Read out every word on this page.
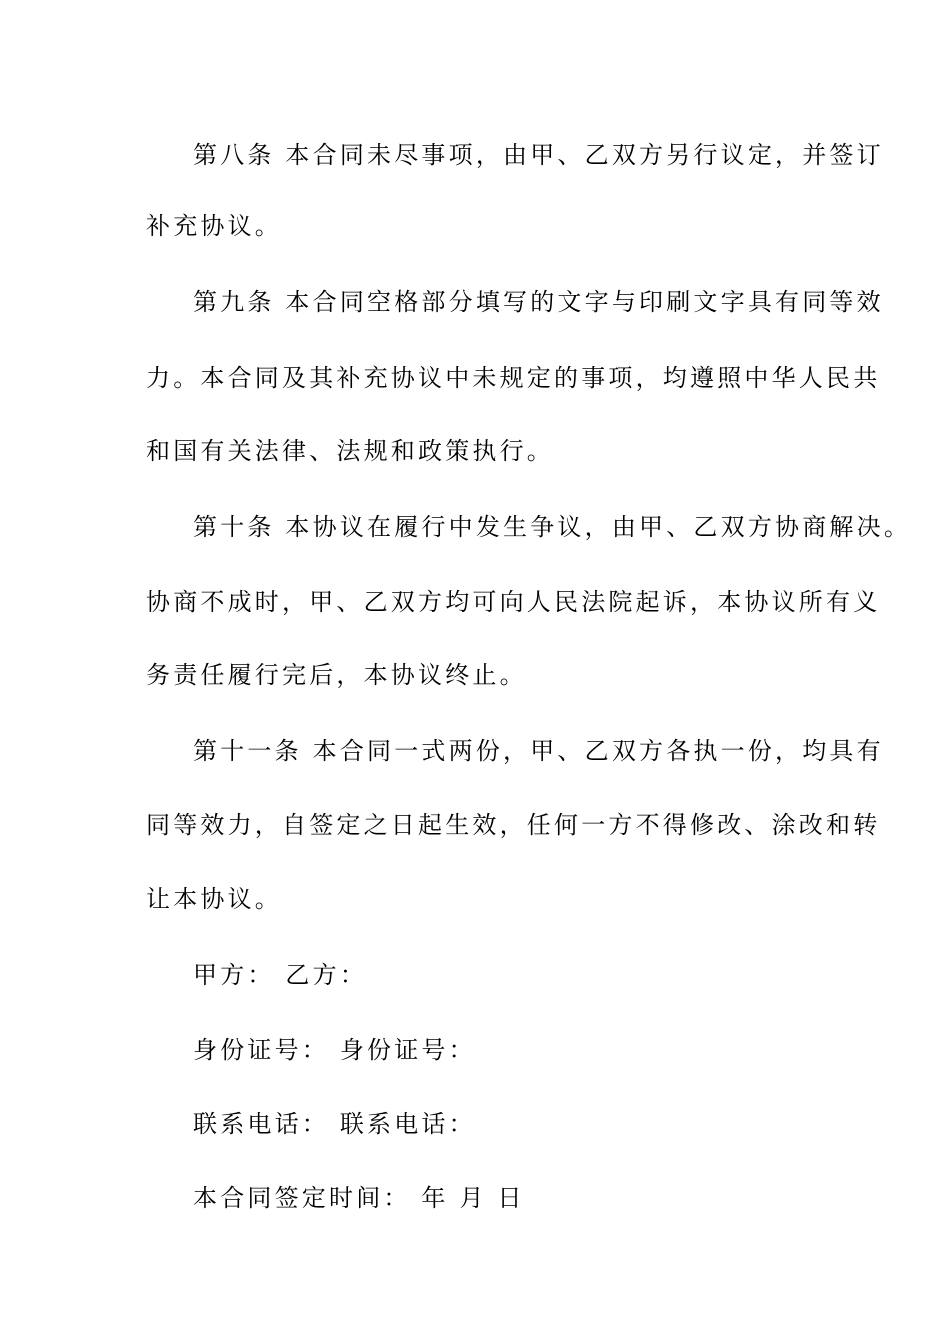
第八条 本合同未尽事项，由甲、乙双方另行议定，并签订
补充协议。
第九条 本合同空格部分填写的文字与印刷文字具有同等效
力。本合同及其补充协议中未规定的事项，均遵照中华人民共
和国有关法律、法规和政策执行。
第十条 本协议在履行中发生争议，由甲、乙双方协商解决。
协商不成时，甲、乙双方均可向人民法院起诉，本协议所有义
务责任履行完后，本协议终止。
第十一条 本合同一式两份，甲、乙双方各执一份，均具有
同等效力，自签定之日起生效，任何一方不得修改、涂改和转
让本协议。
甲方： 乙方：
身份证号： 身份证号：
联系电话： 联系电话：
本合同签定时间： 年 月 日
